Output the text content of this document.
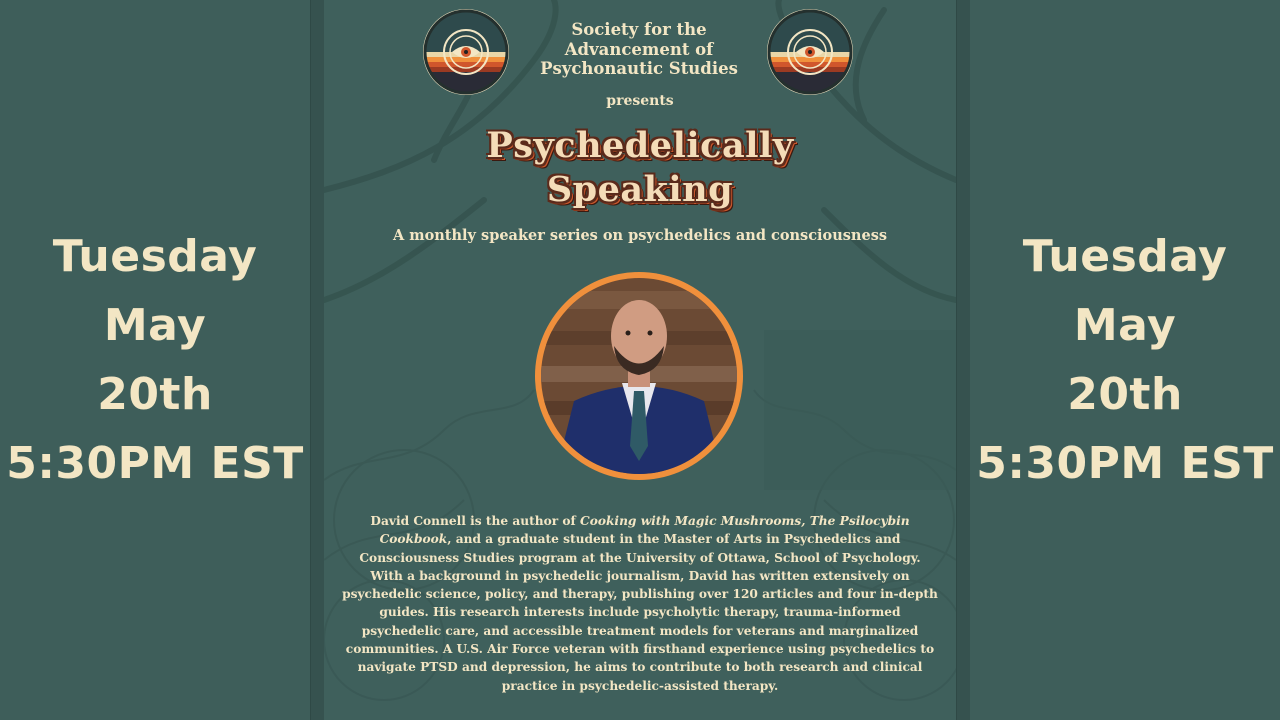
Tuesday
May
20th
5:30PM EST
Society for the
Advancement of
Psychonautic Studies
presents
Psychedelically
Speaking
A monthly speaker series on psychedelics and consciousness
David Connell is the author of Cooking with Magic Mushrooms, The Psilocybin Cookbook, and a graduate student in the Master of Arts in Psychedelics and Consciousness Studies program at the University of Ottawa, School of Psychology. With a background in psychedelic journalism, David has written extensively on psychedelic science, policy, and therapy, publishing over 120 articles and four in-depth guides. His research interests include psycholytic therapy, trauma-informed psychedelic care, and accessible treatment models for veterans and marginalized communities. A U.S. Air Force veteran with firsthand experience using psychedelics to navigate PTSD and depression, he aims to contribute to both research and clinical practice in psychedelic-assisted therapy.
Tuesday
May
20th
5:30PM EST
